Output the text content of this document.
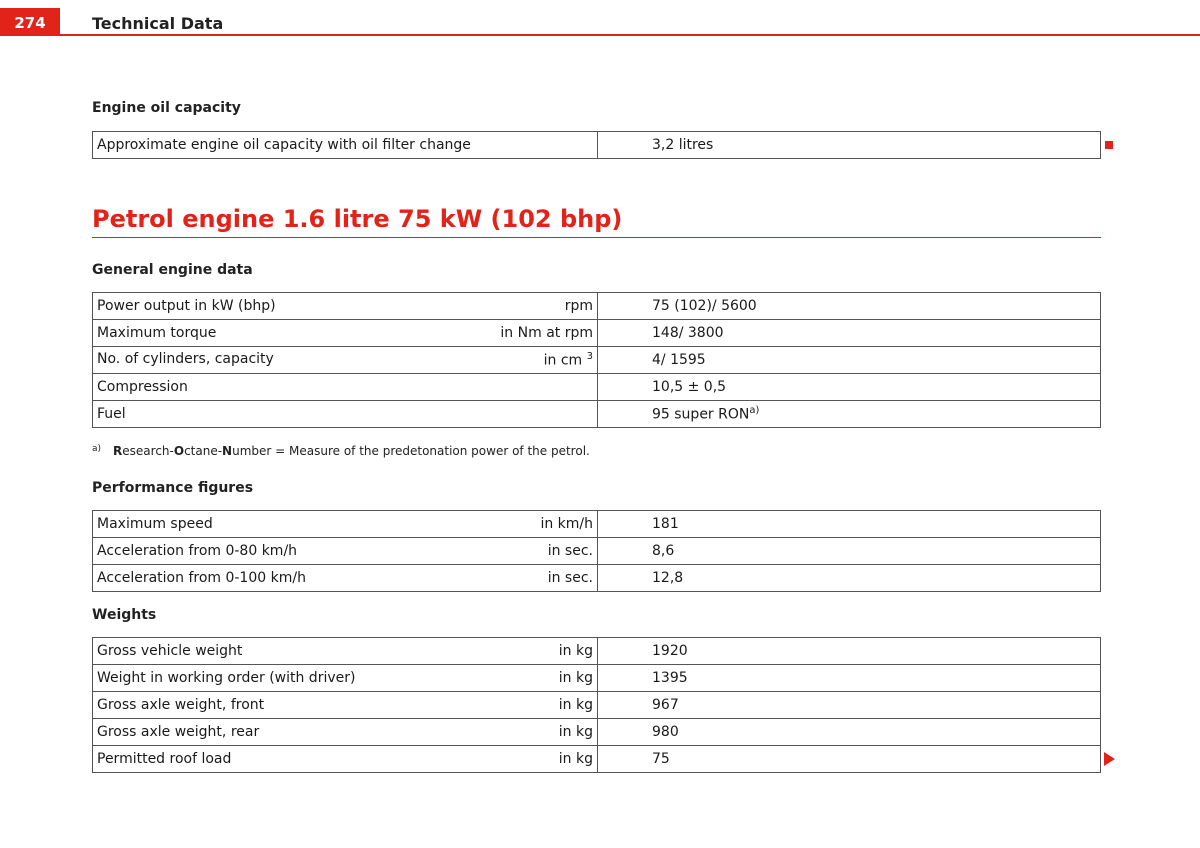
274	Technical Data
Engine oil capacity
Approximate engine oil capacity with oil filter change	3,2 litres
Petrol engine 1.6 litre 75 kW (102 bhp)
General engine data
Power output in kW (bhp) rpm	75 (102)/ 5600
Maximum torque in Nm at rpm	148/ 3800
No. of cylinders, capacity in cm $^3$	4/ 1595
Compression	10,5 ± 0,5
Fuel	95 super RON$^{a)}$
$^{a)}$ Research-Octane-Number = Measure of the predetonation power of the petrol.
Performance figures
Maximum speed in km/h	181
Acceleration from 0-80 km/h in sec.	8,6
Acceleration from 0-100 km/h in sec.	12,8
Weights
Gross vehicle weight in kg	1920
Weight in working order (with driver) in kg	1395
Gross axle weight, front in kg	967
Gross axle weight, rear in kg	980
Permitted roof load in kg	75
